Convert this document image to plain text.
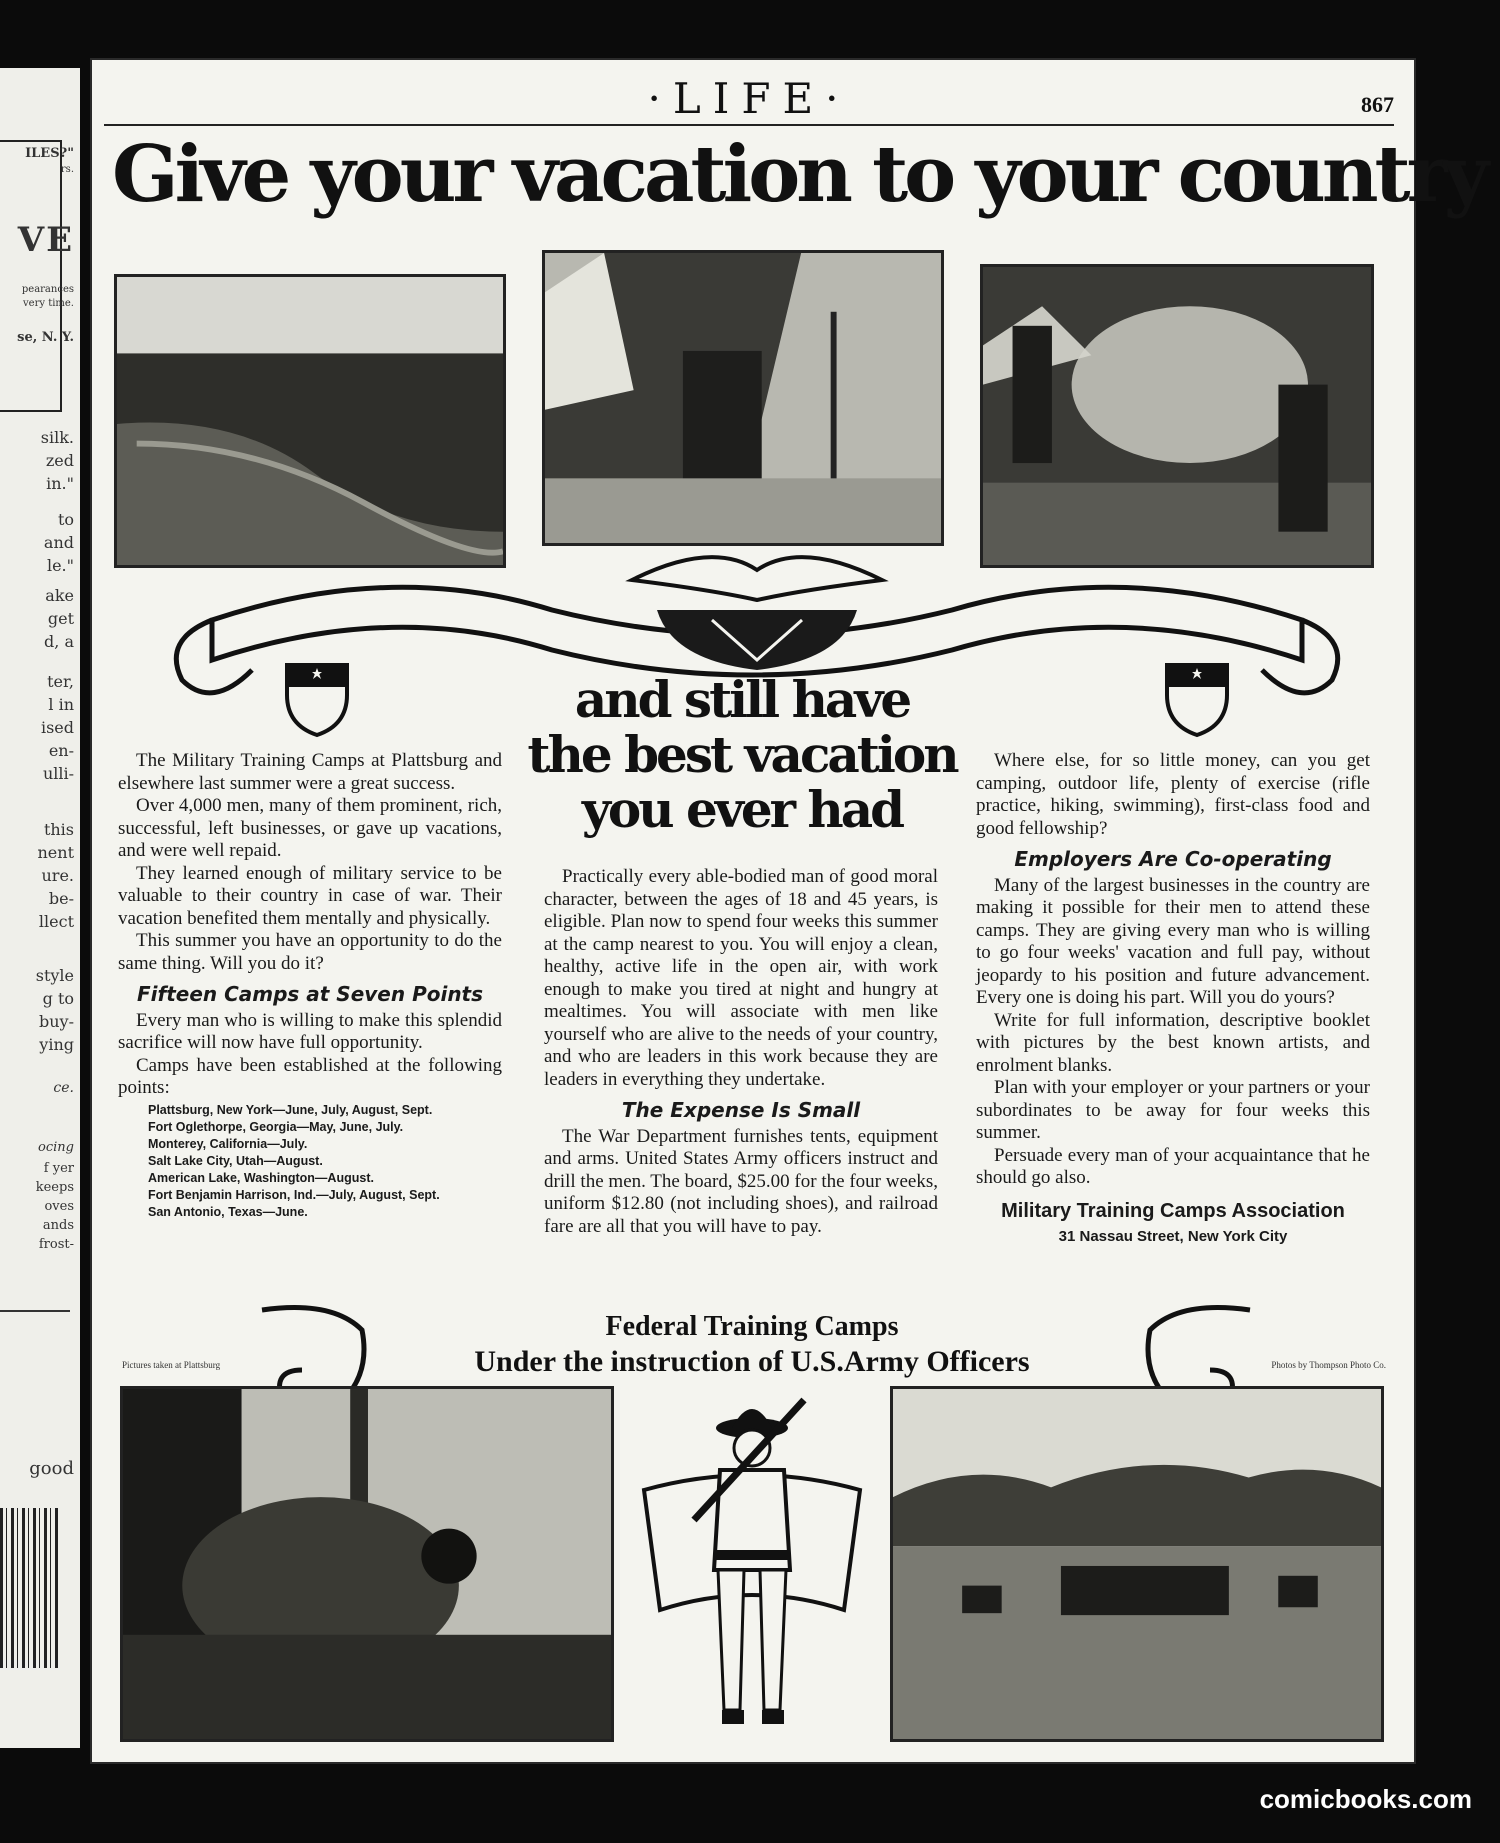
ILES?"
rs.
VE
pearances
very time.
se, N. Y.
silk.
zed
in."
to
and
le."
ake
get
d, a
ter,
l in
ised
en-
ulli-
this
nent
ure.
be-
llect
style
g to
buy-
ying
ce.
ocing
f yer
keeps
oves
ands
frost-
good
·LIFE·	867
Give your vacation to your country
and still have
the best vacation
you ever had

The Military Training Camps at Plattsburg and elsewhere last summer were a great success.

Over 4,000 men, many of them prominent, rich, successful, left businesses, or gave up vacations, and were well repaid.

They learned enough of military service to be valuable to their country in case of war. Their vacation benefited them mentally and physically.

This summer you have an opportunity to do the same thing. Will you do it?

Fifteen Camps at Seven Points

Every man who is willing to make this splendid sacrifice will now have full opportunity.

Camps have been established at the following points:

Plattsburg, New York—June, July, August, Sept.
Fort Oglethorpe, Georgia—May, June, July.
Monterey, California—July.
Salt Lake City, Utah—August.
American Lake, Washington—August.
Fort Benjamin Harrison, Ind.—July, August, Sept.
San Antonio, Texas—June.

Practically every able-bodied man of good moral character, between the ages of 18 and 45 years, is eligible. Plan now to spend four weeks this summer at the camp nearest to you. You will enjoy a clean, healthy, active life in the open air, with work enough to make you tired at night and hungry at mealtimes. You will associate with men like yourself who are alive to the needs of your country, and who are leaders in this work because they are leaders in everything they undertake.

The Expense Is Small

The War Department furnishes tents, equipment and arms. United States Army officers instruct and drill the men. The board, $25.00 for the four weeks, uniform $12.80 (not including shoes), and railroad fare are all that you will have to pay.

Where else, for so little money, can you get camping, outdoor life, plenty of exercise (rifle practice, hiking, swimming), first-class food and good fellowship?

Employers Are Co-operating

Many of the largest businesses in the country are making it possible for their men to attend these camps. They are giving every man who is willing to go four weeks' vacation and full pay, without jeopardy to his position and future advancement. Every one is doing his part. Will you do yours?

Write for full information, descriptive booklet with pictures by the best known artists, and enrolment blanks.

Plan with your employer or your partners or your subordinates to be away for four weeks this summer.

Persuade every man of your acquaintance that he should go also.

Military Training Camps Association

31 Nassau Street, New York City

Federal Training Camps
Under the instruction of U.S.Army Officers
Pictures taken at Plattsburg	Photos by Thompson Photo Co.
comicbooks.com
